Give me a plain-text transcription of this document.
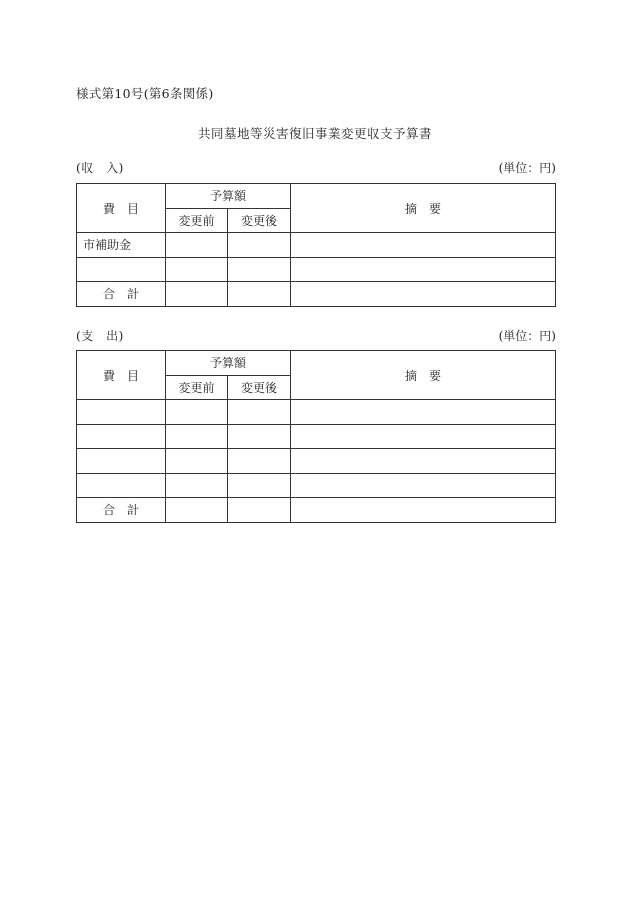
様式第10号(第6条関係)
共同墓地等災害復旧事業変更収支予算書
(収　入)	(単位：円)
費　目	予算額		摘　要
	変更前	変更後	
市補助金			

合　計			
(支　出)	(単位：円)
費　目	予算額		摘　要
	変更前	変更後	

合　計			
